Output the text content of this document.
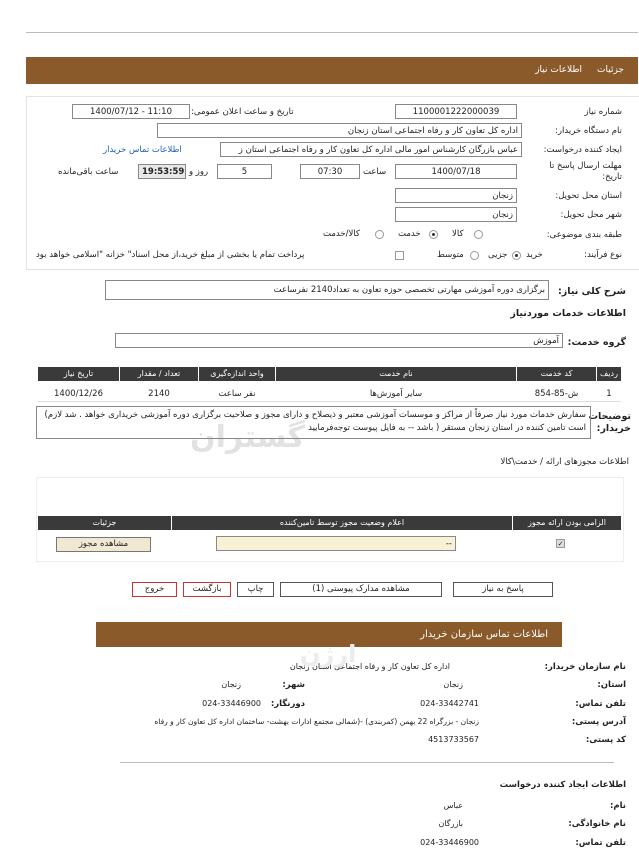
جزئیات
اطلاعات نیاز
گستران
شماره نیاز
1100001222000039
تاریخ و ساعت اعلان عمومی:
1400/07/12 - 11:10
نام دستگاه خریدار:
اداره کل تعاون کار و رفاه اجتماعی استان زنجان
ایجاد کننده درخواست:
عباس بازرگان کارشناس امور مالی اداره کل تعاون کار و رفاه اجتماعی استان ز
اطلاعات تماس خریدار
مهلت ارسال پاسخ تا تاریخ:
1400/07/18
ساعت
07:30
5
روز و
19:53:59
ساعت باقی‌مانده
استان محل تحویل:
زنجان
شهر محل تحویل:
زنجان
طبقه بندی موضوعی:
کالا
خدمت
کالا/خدمت
نوع فرآیند:
خرید
جزیی
متوسط
پرداخت تمام یا بخشی از مبلغ خرید،از محل اسناد" خزانه "اسلامی خواهد بود
شرح کلی نیاز:
برگزاری دوره آموزشی مهارتی تخصصی حوزه تعاون به تعداد2140 نفرساعت
اطلاعات خدمات مورد‌نیاز
گروه خدمت:
آموزش
ردیف
کد خدمت
نام خدمت
واحد اندازه‌گیری
تعداد / مقدار
تاریخ نیاز
1
ش-85-854
سایر آموزش‌ها
نفر ساعت
2140
1400/12/26
توضیحات خریدار:
سفارش خدمات مورد نیاز صرفاً از مراکز و موسسات آموزشی معتبر و ذیصلاح و دارای مجوز و صلاحیت برگزاری دوره آموزشی خریداری خواهد . شد لازم) است تامین کننده در استان زنجان مستقر ( باشد -- به فایل پیوست توجه‌فرمایید
اطلاعات مجوزهای ارائه / خدمت\کالا
الزامی بودن ارائه مجوز
اعلام وضعیت مجوز توسط تامین‌کننده
جزئیات
✓
--
مشاهده مجوز
پاسخ به نیاز
مشاهده مدارک پیوستی (1)
چاپ
بازگشت
خروج
اطلاعات تماس سازمان خریدار
نام سازمان خریدار:
اداره کل تعاون کار و رفاه اجتماعی استان زنجان
استان:
زنجان
شهر:
زنجان
تلفن تماس:
024-33442741
دورنگار:
024-33446900
آدرس پستی:
زنجان - بزرگراه 22 بهمن (کمربندی) -(شمالی مجتمع ادارات بهشت- ساختمان اداره کل تعاون کار و رفاه
کد پستی:
4513733567
اطلاعات ایجاد کننده درخواست
نام:
عباس
نام خانوادگی:
بازرگان
تلفن تماس:
024-33446900
ارژن
